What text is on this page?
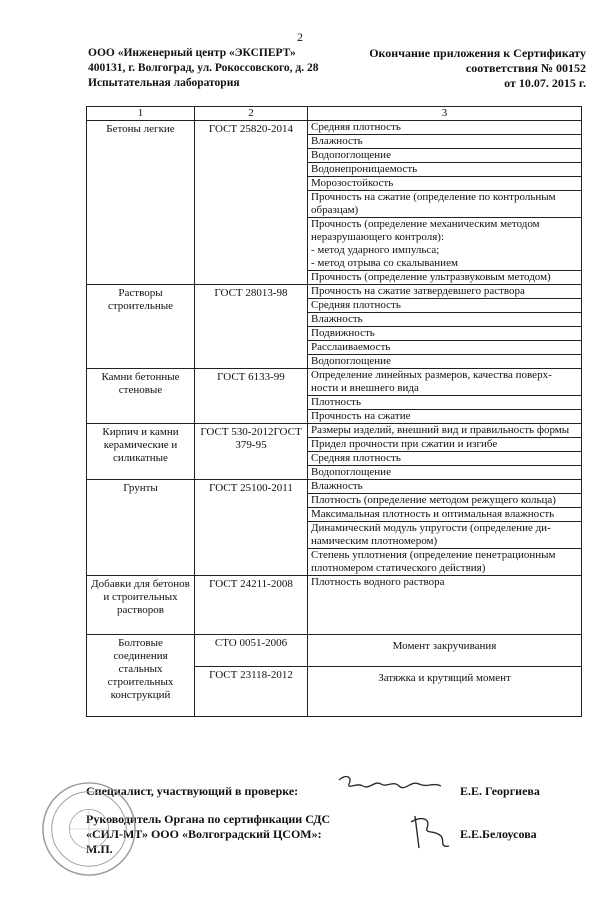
2
ООО «Инженерный центр «ЭКСПЕРТ»
400131, г. Волгоград, ул. Рокоссовского, д. 28
Испытательная лаборатория
Окончание приложения к Сертификату
соответствия № 00152
от 10.07. 2015 г.
1	2	3
Бетоны легкие	ГОСТ 25820-2014	Средняя плотность

		Влажность

		Водопоглощение

		Водонепроницаемость

		Морозостойкость

		Прочность на сжатие (определение по контрольным образцам)

		Прочность (определение механическим методом неразрушающего контроля):
- метод ударного импульса;
- метод отрыва со скалыванием

		Прочность (определение ультразвуковым методом)

Растворы строительные	ГОСТ 28013-98	Прочность на сжатие затвердевшего раствора

		Средняя плотность

		Влажность

		Подвижность

		Расслаиваемость

		Водопоглощение

Камни бетонные стеновые	ГОСТ 6133-99	Определение линейных размеров, качества поверх-ности и внешнего вида

		Плотность

		Прочность на сжатие

Кирпич и камни керамические и силикатные	ГОСТ 530-2012ГОСТ 379-95	Размеры изделий, внешний вид и правильность формы

		Придел прочности при сжатии и изгибе

		Средняя плотность

		Водопоглощение

Грунты	ГОСТ 25100-2011	Влажность

		Плотность (определение методом режущего кольца)

		Максимальная плотность и оптимальная влажность

		Динамический модуль упругости (определение ди-намическим плотномером)

		Степень уплотнения (определение пенетрационным плотномером статического действия)

Добавки для бетонов и строительных растворов	ГОСТ 24211-2008	Плотность водного раствора

Болтовые соединения стальных строительных конструкций	СТО 0051-2006	Момент закручивания

	ГОСТ 23118-2012	Затяжка и крутящий момент
Специалист, участвующий в проверке:	Е.Е. Георгиева
Руководитель Органа по сертификации СДС
«СИЛ-МТ» ООО «Волгоградский ЦСОМ»:
М.П.
Е.Е.Белоусова
